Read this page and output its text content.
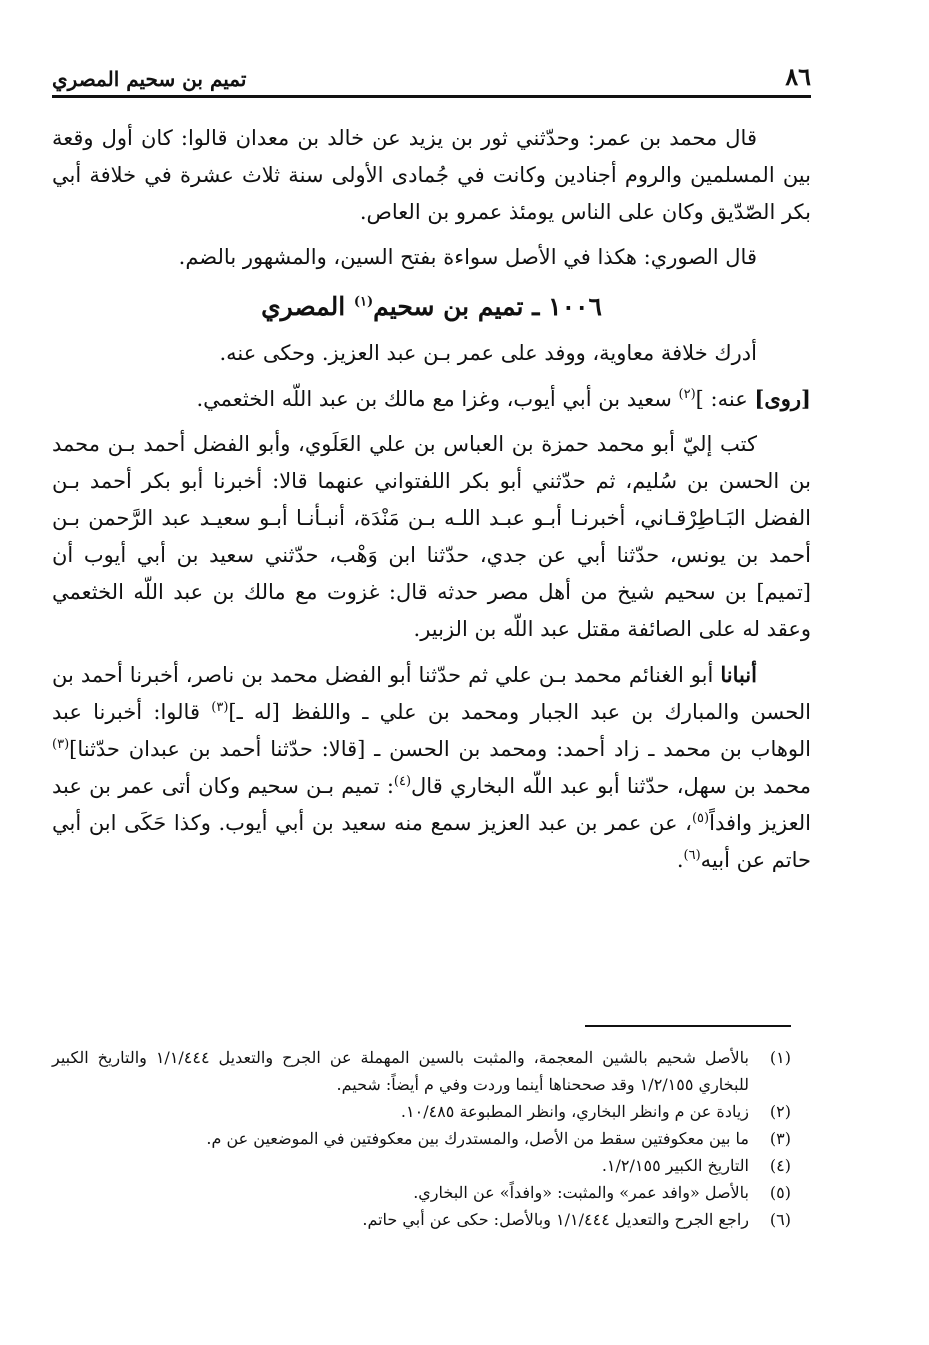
٨٦
تميم بن سحيم المصري

قال محمد بن عمر: وحدّثني ثور بن يزيد عن خالد بن معدان قالوا: كان أول وقعة بين المسلمين والروم أجنادين وكانت في جُمادى الأولى سنة ثلاث عشرة في خلافة أبي بكر الصّدّيق وكان على الناس يومئذ عمرو بن العاص.

قال الصوري: هكذا في الأصل سواءة بفتح السين، والمشهور بالضم.

١٠٠٦ ـ تميم بن سحيم$^{(١)}$ المصري

أدرك خلافة معاوية، ووفد على عمر بـن عبد العزيز. وحكى عنه.

[روى] عنه: ]$^{(٢)}$ سعيد بن أبي أيوب، وغزا مع مالك بن عبد اللّه الخثعمي.

كتب إليّ أبو محمد حمزة بن العباس بن علي العَلَوي، وأبو الفضل أحمد بـن محمد بن الحسن بن سُليم، ثم حدّثني أبو بكر اللفتواني عنهما قالا: أخبرنا أبو بكر أحمد بـن الفضل البَـاطِرْقـاني، أخبرنـا أبـو عبـد اللـه بـن مَنْدَة، أنبـأنـا أبـو سعيـد عبد الرَّحمن بـن أحمد بن يونس، حدّثنا أبي عن جدي، حدّثنا ابن وَهْب، حدّثني سعيد بن أبي أيوب أن [تميم] بن سحيم شيخ من أهل مصر حدثه قال: غزوت مع مالك بن عبد اللّه الخثعمي وعقد له على الصائفة مقتل عبد اللّه بن الزبير.

أنبانا أبو الغنائم محمد بـن علي ثم حدّثنا أبو الفضل محمد بن ناصر، أخبرنا أحمد بن الحسن والمبارك بن عبد الجبار ومحمد بن علي ـ واللفظ [له ـ]$^{(٣)}$ قالوا: أخبرنا عبد الوهاب بن محمد ـ زاد أحمد: ومحمد بن الحسن ـ [قالا: حدّثنا أحمد بن عبدان حدّثنا]$^{(٣)}$ محمد بن سهل، حدّثنا أبو عبد اللّه البخاري قال$^{(٤)}$: تميم بـن سحيم وكان أتى عمر بن عبد العزيز وافداً$^{(٥)}$، عن عمر بن عبد العزيز سمع منه سعيد بن أبي أيوب. وكذا حَكَى ابن أبي حاتم عن أبيه$^{(٦)}$.

(١)
بالأصل شحيم بالشين المعجمة، والمثبت بالسين المهملة عن الجرح والتعديل ١/١/٤٤٤ والتاريخ الكبير للبخاري ١/٢/١٥٥ وقد صححناها أينما وردت وفي م أيضاً: شحيم.
(٢)
زيادة عن م وانظر البخاري، وانظر المطبوعة ١٠/٤٨٥.
(٣)
ما بين معكوفتين سقط من الأصل، والمستدرك بين معكوفتين في الموضعين عن م.
(٤)
التاريخ الكبير ١/٢/١٥٥.
(٥)
بالأصل «وافد عمر» والمثبت: «وافداً» عن البخاري.
(٦)
راجع الجرح والتعديل ١/١/٤٤٤ وبالأصل: حكى عن أبي حاتم.
